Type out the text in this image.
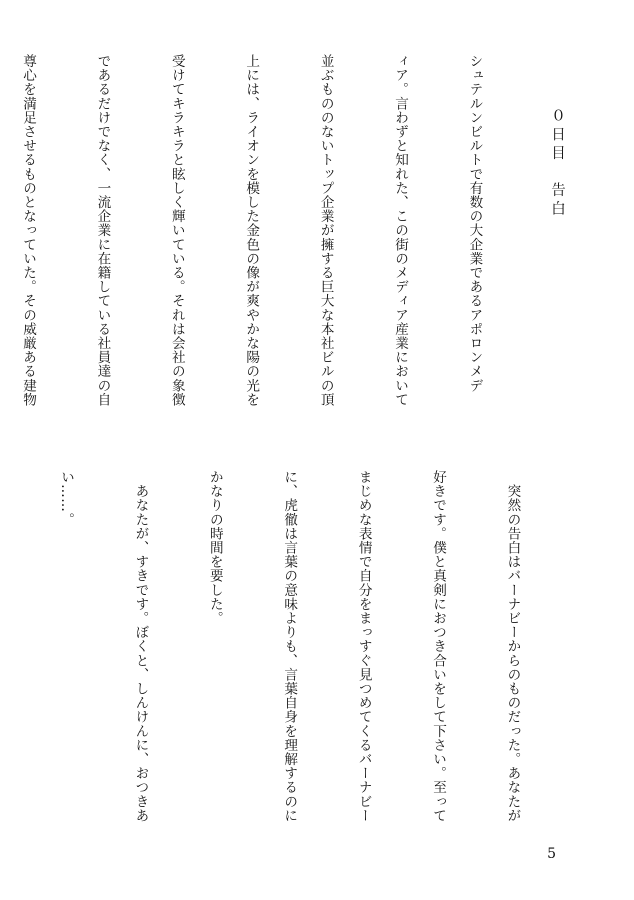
０日目　告白

シュテルンビルトで有数の大企業であるアポロンメデ

ィア。言わずと知れた、この街のメディア産業において

並ぶもののないトップ企業が擁する巨大な本社ビルの頂

上には、ライオンを模した金色の像が爽やかな陽の光を

受けてキラキラと眩しく輝いている。それは会社の象徴

であるだけでなく、一流企業に在籍している社員達の自

尊心を満足させるものとなっていた。その威厳ある建物

　突然の告白はバーナビーからのものだった。あなたが

好きです。僕と真剣におつき合いをして下さい。至って

まじめな表情で自分をまっすぐ見つめてくるバーナビー

に、虎徹は言葉の意味よりも、言葉自身を理解するのに

かなりの時間を要した。

　あなたが、すきです。ぼくと、しんけんに、おつきあ

い……。

5
